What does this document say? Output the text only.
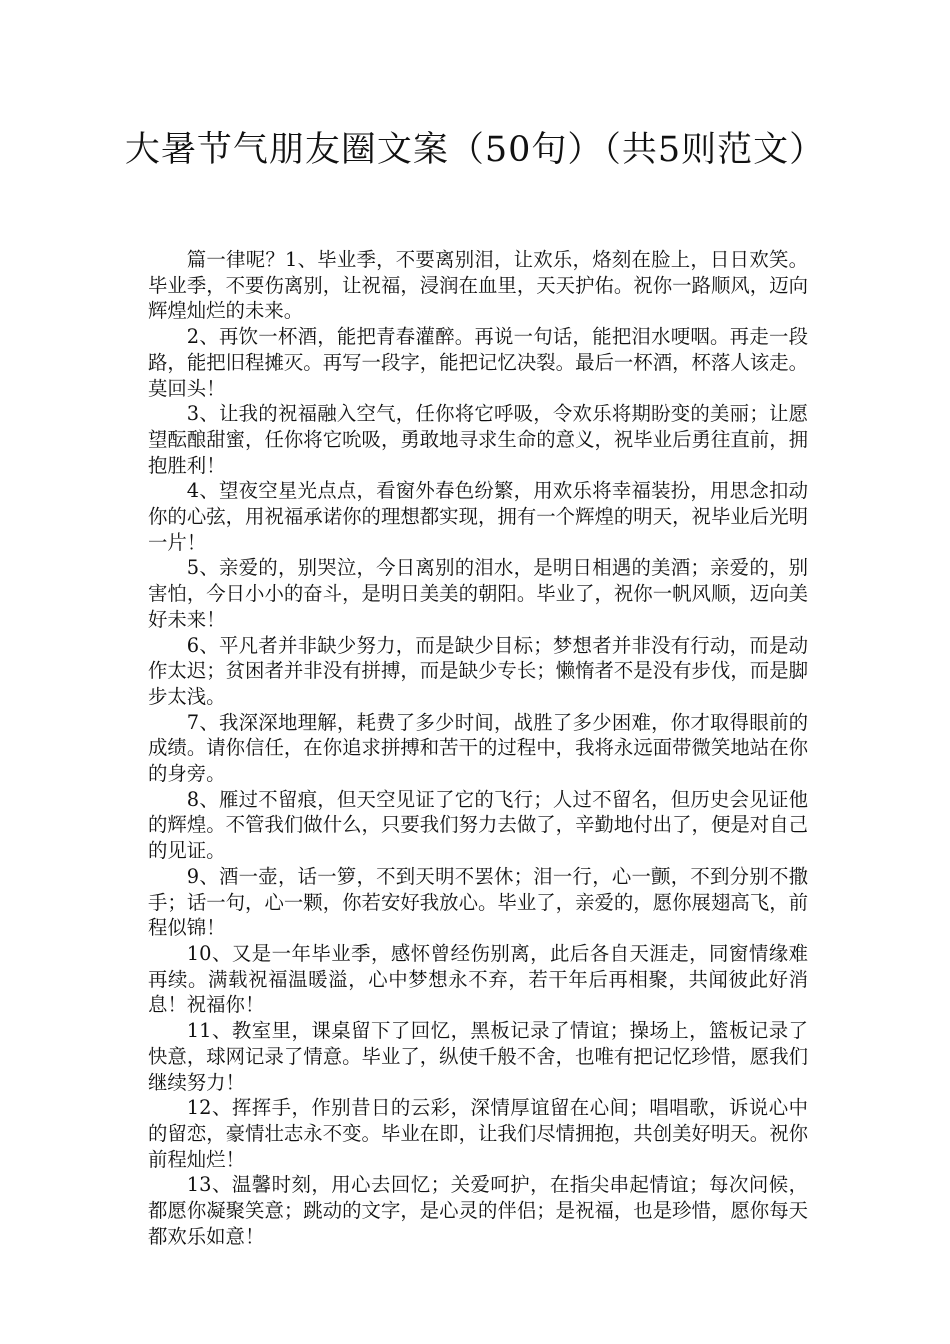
大暑节气朋友圈文案（50句）（共5则范文）

篇一律呢？1、毕业季，不要离别泪，让欢乐，烙刻在脸上，日日欢笑。毕业季，不要伤离别，让祝福，浸润在血里，天天护佑。祝你一路顺风，迈向辉煌灿烂的未来。

2、再饮一杯酒，能把青春灌醉。再说一句话，能把泪水哽咽。再走一段路，能把旧程摊灭。再写一段字，能把记忆决裂。最后一杯酒，杯落人该走。莫回头！

3、让我的祝福融入空气，任你将它呼吸，令欢乐将期盼变的美丽；让愿望酝酿甜蜜，任你将它吮吸，勇敢地寻求生命的意义，祝毕业后勇往直前，拥抱胜利！

4、望夜空星光点点，看窗外春色纷繁，用欢乐将幸福装扮，用思念扣动你的心弦，用祝福承诺你的理想都实现，拥有一个辉煌的明天，祝毕业后光明一片！

5、亲爱的，别哭泣，今日离别的泪水，是明日相遇的美酒；亲爱的，别害怕，今日小小的奋斗，是明日美美的朝阳。毕业了，祝你一帆风顺，迈向美好未来！

6、平凡者并非缺少努力，而是缺少目标；梦想者并非没有行动，而是动作太迟；贫困者并非没有拼搏，而是缺少专长；懒惰者不是没有步伐，而是脚步太浅。

7、我深深地理解，耗费了多少时间，战胜了多少困难，你才取得眼前的成绩。请你信任，在你追求拼搏和苦干的过程中，我将永远面带微笑地站在你的身旁。

8、雁过不留痕，但天空见证了它的飞行；人过不留名，但历史会见证他的辉煌。不管我们做什么，只要我们努力去做了，辛勤地付出了，便是对自己的见证。

9、酒一壶，话一箩，不到天明不罢休；泪一行，心一颤，不到分别不撒手；话一句，心一颗，你若安好我放心。毕业了，亲爱的，愿你展翅高飞，前程似锦！

10、又是一年毕业季，感怀曾经伤别离，此后各自天涯走，同窗情缘难再续。满载祝福温暖溢，心中梦想永不弃，若干年后再相聚，共闻彼此好消息！祝福你！

11、教室里，课桌留下了回忆，黑板记录了情谊；操场上，篮板记录了快意，球网记录了情意。毕业了，纵使千般不舍，也唯有把记忆珍惜，愿我们继续努力！

12、挥挥手，作别昔日的云彩，深情厚谊留在心间；唱唱歌，诉说心中的留恋，豪情壮志永不变。毕业在即，让我们尽情拥抱，共创美好明天。祝你前程灿烂！

13、温馨时刻，用心去回忆；关爱呵护，在指尖串起情谊；每次问候，都愿你凝聚笑意；跳动的文字，是心灵的伴侣；是祝福，也是珍惜，愿你每天都欢乐如意！
